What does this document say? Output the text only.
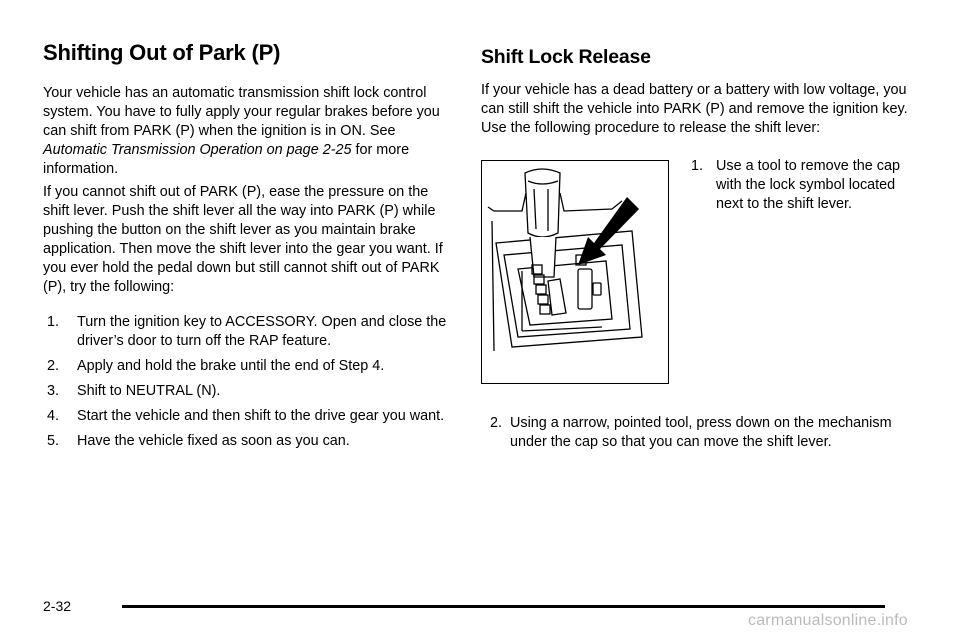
Shifting Out of Park (P)

Your vehicle has an automatic transmission shift lock control system. You have to fully apply your regular brakes before you can shift from PARK (P) when the ignition is in ON. See Automatic Transmission Operation on page 2-25 for more information.

If you cannot shift out of PARK (P), ease the pressure on the shift lever. Push the shift lever all the way into PARK (P) while pushing the button on the shift lever as you maintain brake application. Then move the shift lever into the gear you want. If you ever hold the pedal down but still cannot shift out of PARK (P), try the following:

1.	Turn the ignition key to ACCESSORY. Open and close the driver’s door to turn off the RAP feature.
2.	Apply and hold the brake until the end of Step 4.
3.	Shift to NEUTRAL (N).
4.	Start the vehicle and then shift to the drive gear you want.
5.	Have the vehicle fixed as soon as you can.
Shift Lock Release

If your vehicle has a dead battery or a battery with low voltage, you can still shift the vehicle into PARK (P) and remove the ignition key. Use the following procedure to release the shift lever:

1. Use a tool to remove the cap with the lock symbol located next to the shift lever.
2. Using a narrow, pointed tool, press down on the mechanism under the cap so that you can move the shift lever.
2-32
carmanualsonline.info
